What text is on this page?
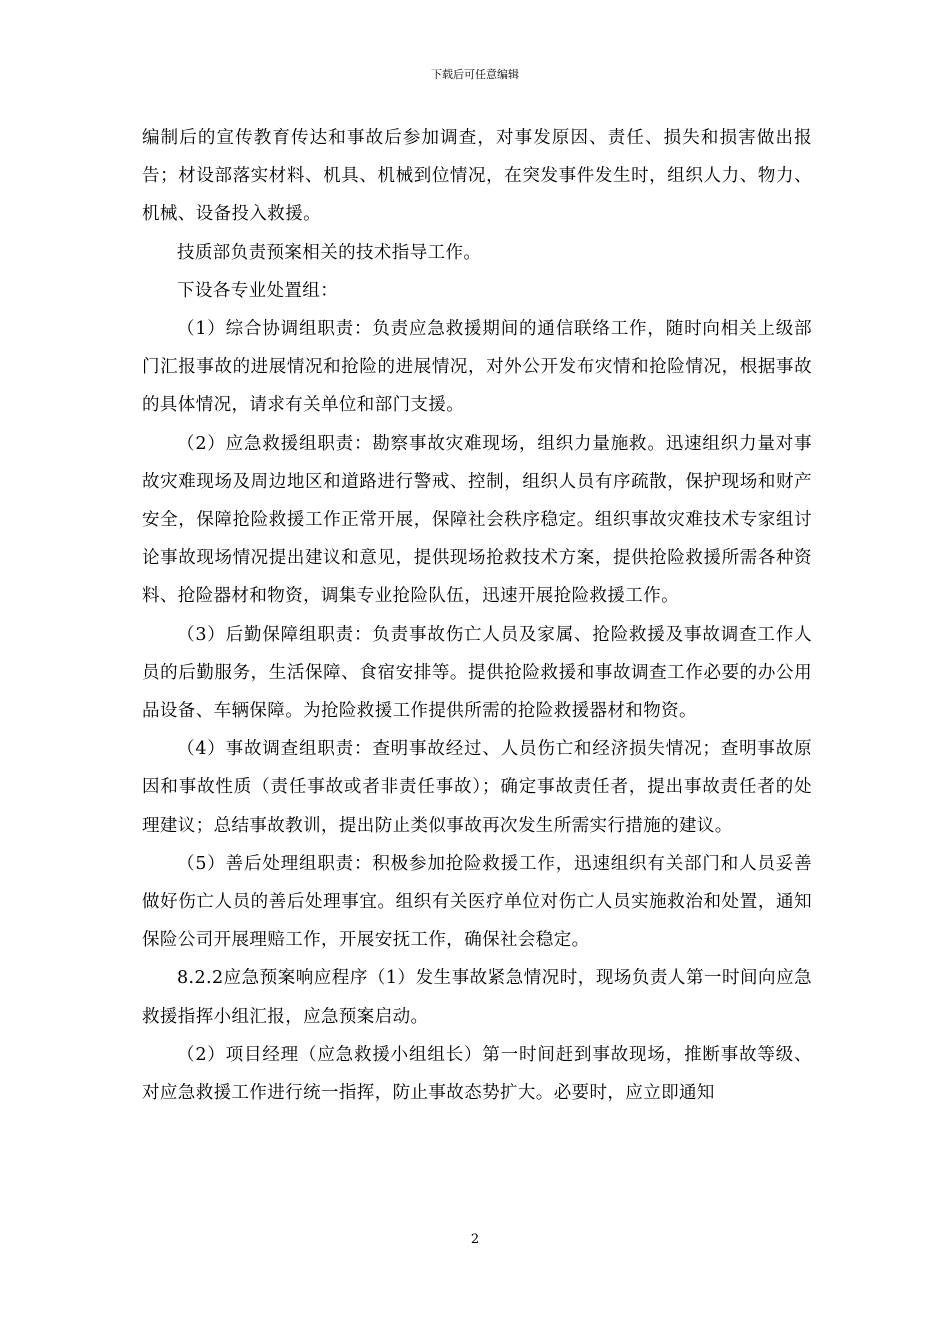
下载后可任意编辑

编制后的宣传教育传达和事故后参加调查，对事发原因、责任、损失和损害做出报告；材设部落实材料、机具、机械到位情况，在突发事件发生时，组织人力、物力、机械、设备投入救援。

技质部负责预案相关的技术指导工作。

下设各专业处置组：

（1）综合协调组职责：负责应急救援期间的通信联络工作，随时向相关上级部门汇报事故的进展情况和抢险的进展情况，对外公开发布灾情和抢险情况，根据事故的具体情况，请求有关单位和部门支援。

（2）应急救援组职责：勘察事故灾难现场，组织力量施救。迅速组织力量对事故灾难现场及周边地区和道路进行警戒、控制，组织人员有序疏散，保护现场和财产安全，保障抢险救援工作正常开展，保障社会秩序稳定。组织事故灾难技术专家组讨论事故现场情况提出建议和意见，提供现场抢救技术方案，提供抢险救援所需各种资料、抢险器材和物资，调集专业抢险队伍，迅速开展抢险救援工作。

（3）后勤保障组职责：负责事故伤亡人员及家属、抢险救援及事故调查工作人员的后勤服务，生活保障、食宿安排等。提供抢险救援和事故调查工作必要的办公用品设备、车辆保障。为抢险救援工作提供所需的抢险救援器材和物资。

（4）事故调查组职责：查明事故经过、人员伤亡和经济损失情况；查明事故原因和事故性质（责任事故或者非责任事故）；确定事故责任者，提出事故责任者的处理建议；总结事故教训，提出防止类似事故再次发生所需实行措施的建议。

（5）善后处理组职责：积极参加抢险救援工作，迅速组织有关部门和人员妥善做好伤亡人员的善后处理事宜。组织有关医疗单位对伤亡人员实施救治和处置，通知保险公司开展理赔工作，开展安抚工作，确保社会稳定。

8.2.2应急预案响应程序（1）发生事故紧急情况时，现场负责人第一时间向应急救援指挥小组汇报，应急预案启动。

（2）项目经理（应急救援小组组长）第一时间赶到事故现场，推断事故等级、对应急救援工作进行统一指挥，防止事故态势扩大。必要时，应立即通知

2
